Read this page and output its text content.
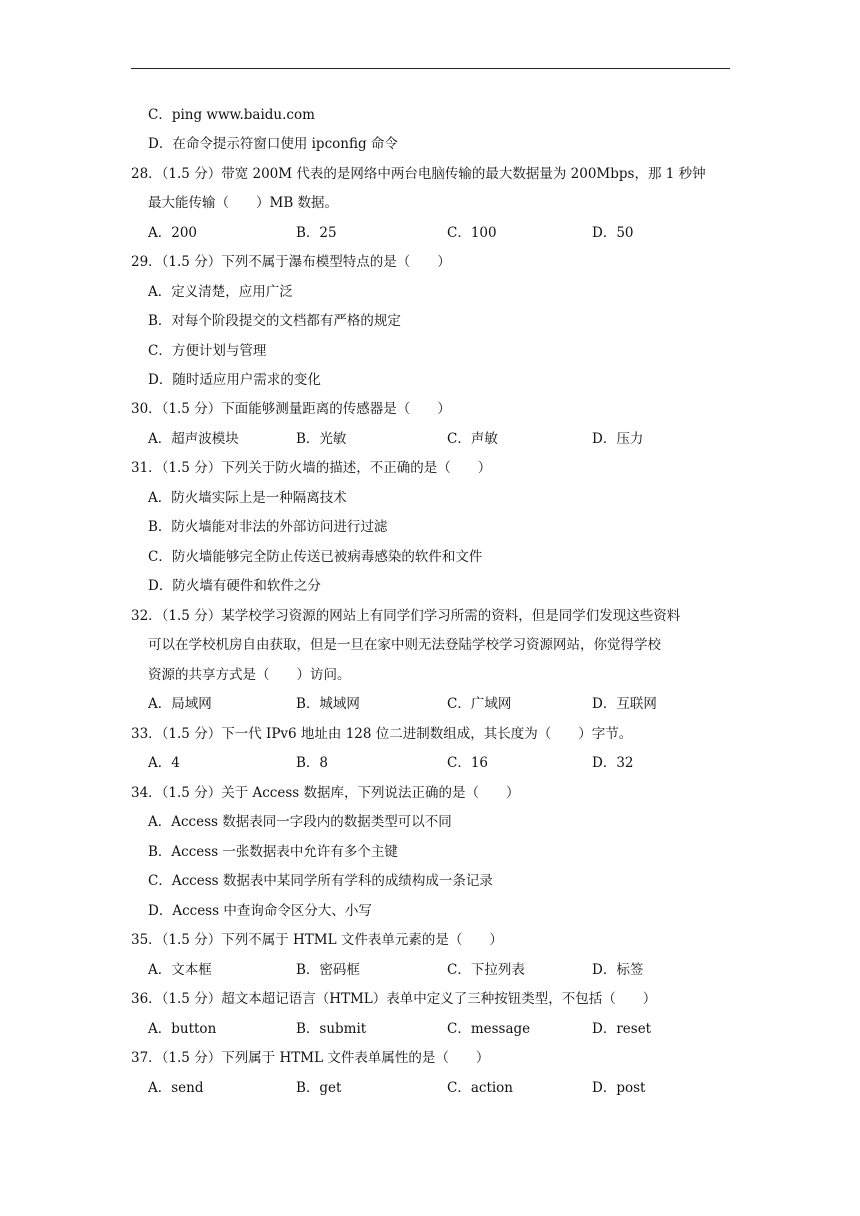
C．ping www.baidu.com
D．在命令提示符窗口使用 ipconfig 命令
28．（1.5 分）带宽 200M 代表的是网络中两台电脑传输的最大数据量为 200Mbps，那 1 秒钟
最大能传输（　　）MB 数据。
A．200	B．25	C．100	D．50
29．（1.5 分）下列不属于瀑布模型特点的是（　　）
A．定义清楚，应用广泛
B．对每个阶段提交的文档都有严格的规定
C．方便计划与管理
D．随时适应用户需求的变化
30．（1.5 分）下面能够测量距离的传感器是（　　）
A．超声波模块	B．光敏	C．声敏	D．压力
31．（1.5 分）下列关于防火墙的描述，不正确的是（　　）
A．防火墙实际上是一种隔离技术
B．防火墙能对非法的外部访问进行过滤
C．防火墙能够完全防止传送已被病毒感染的软件和文件
D．防火墙有硬件和软件之分
32．（1.5 分）某学校学习资源的网站上有同学们学习所需的资料，但是同学们发现这些资料
可以在学校机房自由获取，但是一旦在家中则无法登陆学校学习资源网站，你觉得学校
资源的共享方式是（　　）访问。
A．局域网	B．城域网	C．广域网	D．互联网
33．（1.5 分）下一代 IPv6 地址由 128 位二进制数组成，其长度为（　　）字节。
A．4	B．8	C．16	D．32
34．（1.5 分）关于 Access 数据库，下列说法正确的是（　　）
A．Access 数据表同一字段内的数据类型可以不同
B．Access 一张数据表中允许有多个主键
C．Access 数据表中某同学所有学科的成绩构成一条记录
D．Access 中查询命令区分大、小写
35．（1.5 分）下列不属于 HTML 文件表单元素的是（　　）
A．文本框	B．密码框	C．下拉列表	D．标签
36．（1.5 分）超文本超记语言（HTML）表单中定义了三种按钮类型，不包括（　　）
A．button	B．submit	C．message	D．reset
37．（1.5 分）下列属于 HTML 文件表单属性的是（　　）
A．send	B．get	C．action	D．post
